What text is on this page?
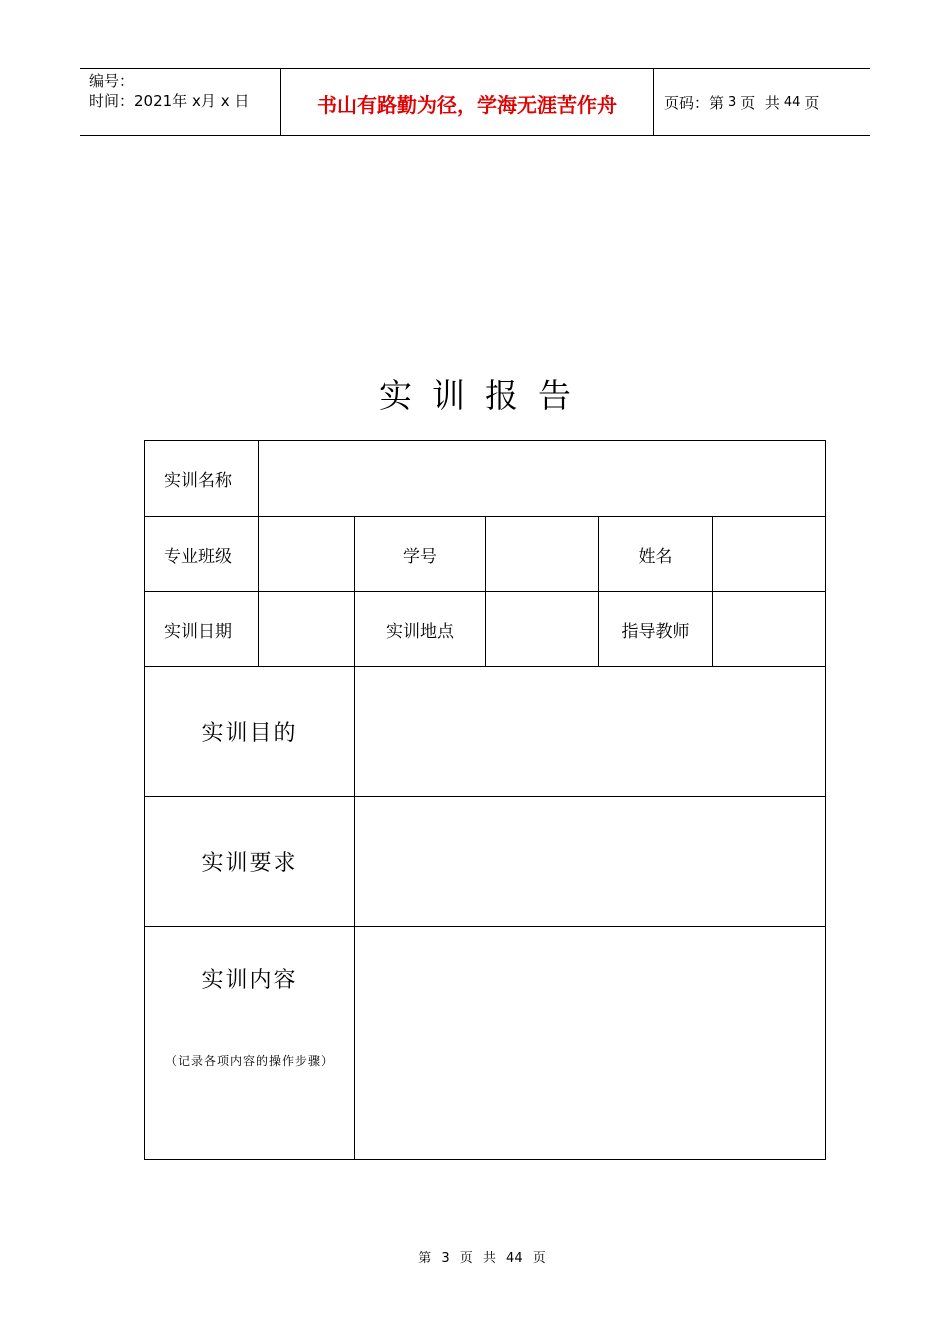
编号：
时间：2021年 x月 x 日	书山有路勤为径，学海无涯苦作舟	页码：第 3 页
共 44 页
实训报告
实训名称					
专业班级		学号		姓名	
实训日期		实训地点		指导教师	
实训目的					
实训要求					

实训内容
（记录各项内容的操作步骤）					

第 3 页 共 44 页
